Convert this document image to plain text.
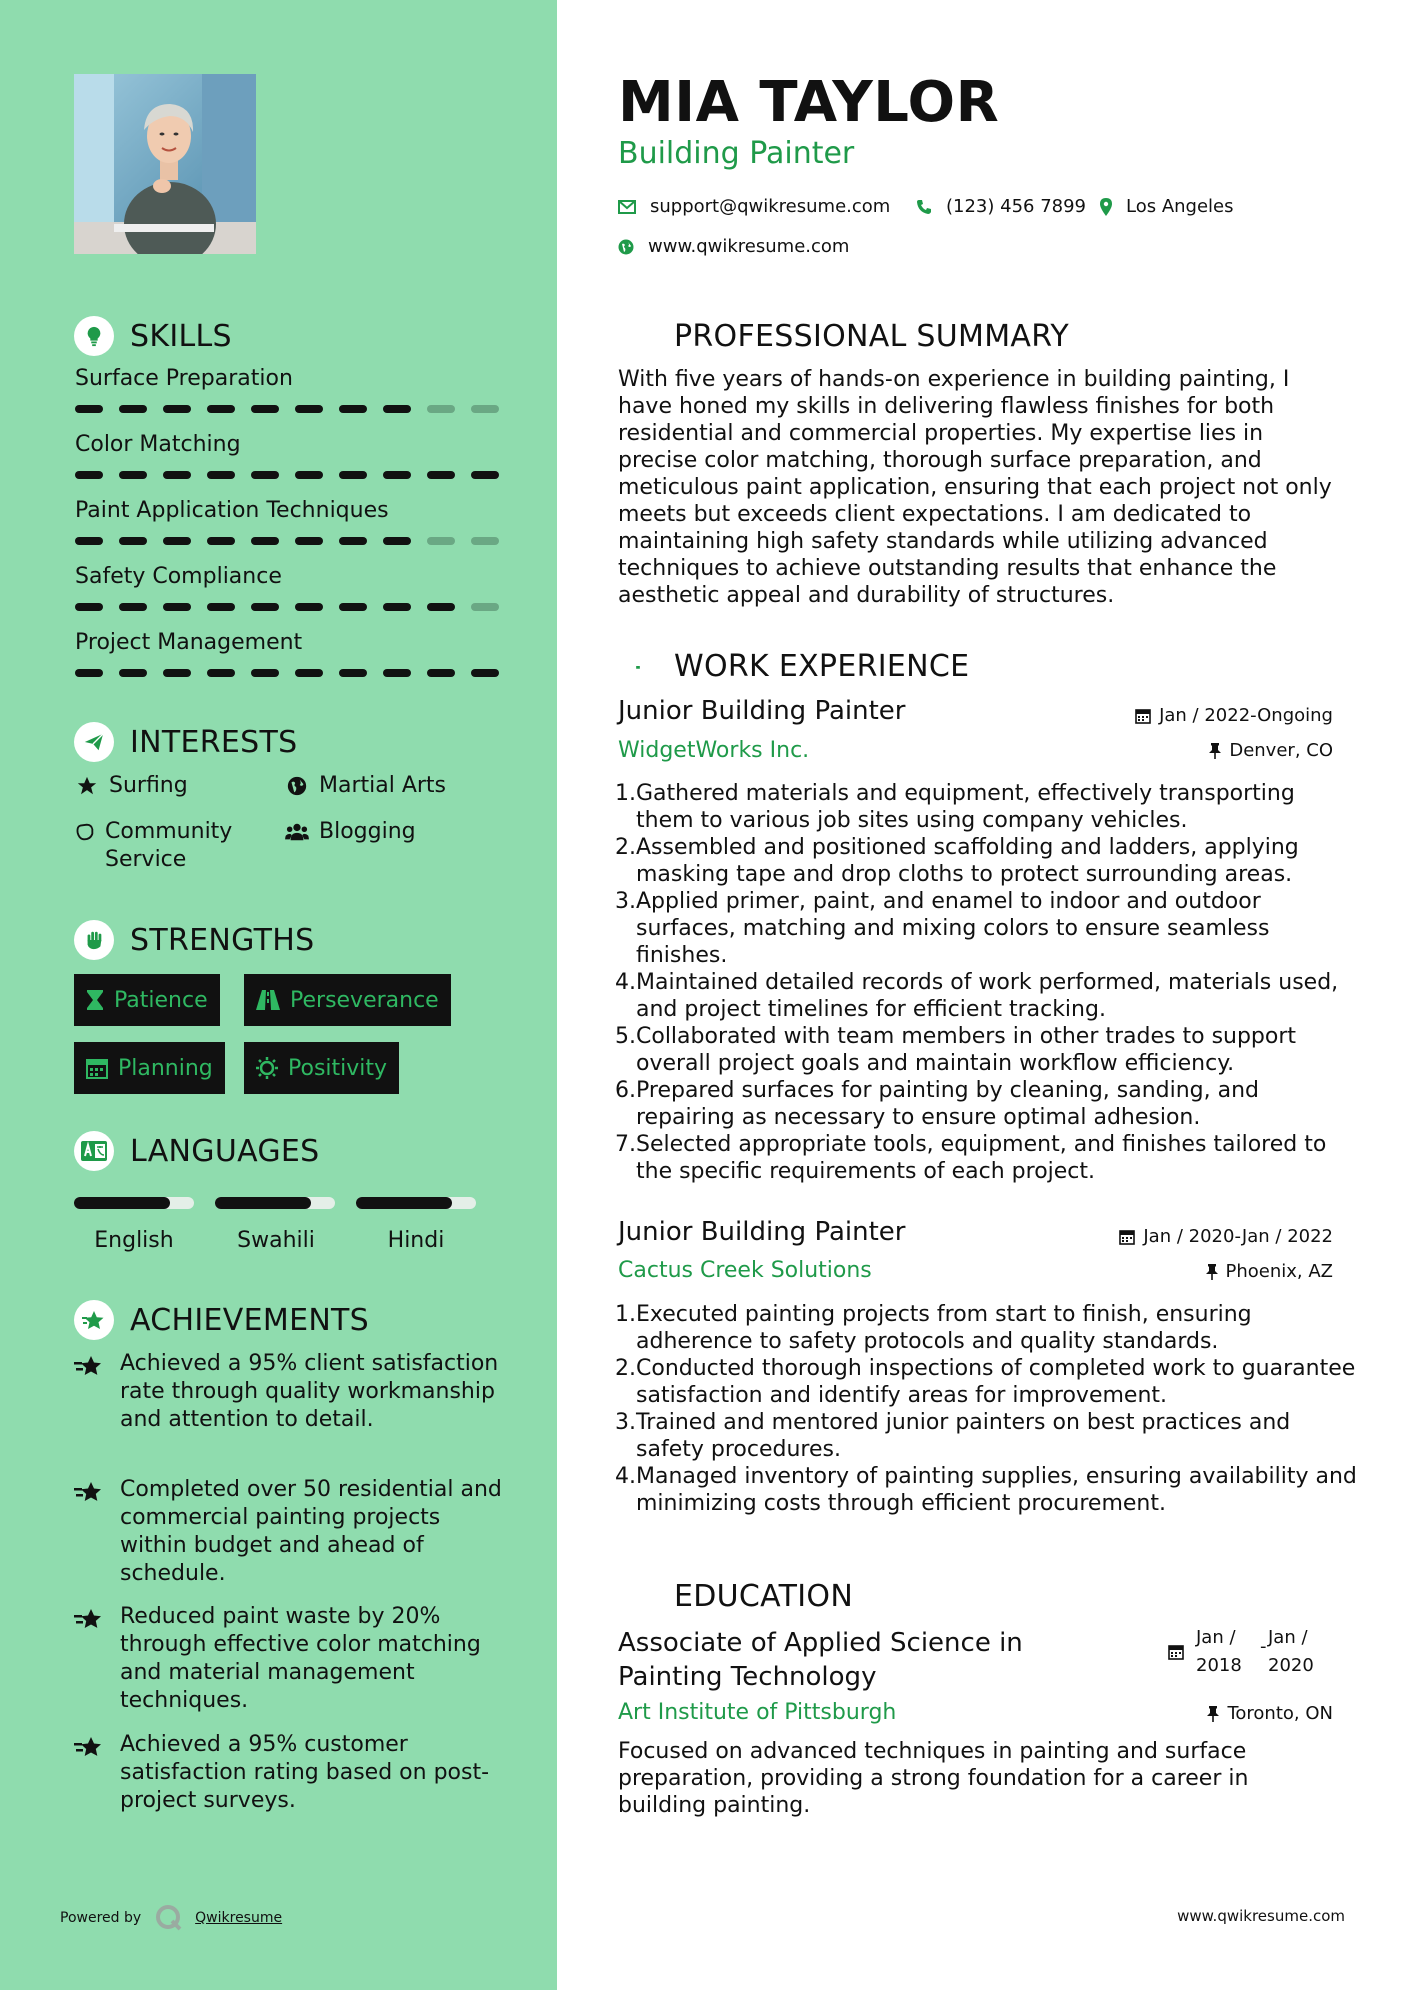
SKILLS
Surface Preparation
Color Matching
Paint Application Techniques
Safety Compliance
Project Management
INTERESTS
Surfing	Martial Arts
Community Service
Blogging
STRENGTHS
Patience	Perseverance
Planning	Positivity
LANGUAGES
English	Swahili	Hindi
ACHIEVEMENTS
Achieved a 95% client satisfaction rate through quality workmanship and attention to detail.
Completed over 50 residential and commercial painting projects within budget and ahead of schedule.
Reduced paint waste by 20% through effective color matching and material management techniques.
Achieved a 95% customer satisfaction rating based on post-project surveys.
Powered by	Qwikresume
MIA TAYLOR
Building Painter
support@qwikresume.com	(123) 456 7899 Los Angeles
www.qwikresume.com
PROFESSIONAL SUMMARY
With five years of hands-on experience in building painting, I have honed my skills in delivering flawless finishes for both residential and commercial properties. My expertise lies in precise color matching, thorough surface preparation, and meticulous paint application, ensuring that each project not only meets but exceeds client expectations. I am dedicated to maintaining high safety standards while utilizing advanced techniques to achieve outstanding results that enhance the aesthetic appeal and durability of structures.
WORK EXPERIENCE
Junior Building Painter	Jan / 2022-Ongoing
WidgetWorks Inc.	Denver, CO
Gathered materials and equipment, effectively transporting them to various job sites using company vehicles.
Assembled and positioned scaffolding and ladders, applying masking tape and drop cloths to protect surrounding areas.
Applied primer, paint, and enamel to indoor and outdoor surfaces, matching and mixing colors to ensure seamless finishes.
Maintained detailed records of work performed, materials used, and project timelines for efficient tracking.
Collaborated with team members in other trades to support overall project goals and maintain workflow efficiency.
Prepared surfaces for painting by cleaning, sanding, and repairing as necessary to ensure optimal adhesion.
Selected appropriate tools, equipment, and finishes tailored to the specific requirements of each project.
Junior Building Painter	Jan / 2020-Jan / 2022
Cactus Creek Solutions	Phoenix, AZ
Executed painting projects from start to finish, ensuring adherence to safety protocols and quality standards.
Conducted thorough inspections of completed work to guarantee satisfaction and identify areas for improvement.
Trained and mentored junior painters on best practices and safety procedures.
Managed inventory of painting supplies, ensuring availability and minimizing costs through efficient procurement.
EDUCATION
Associate of Applied Science in
Painting Technology
Jan /
2018
- Jan /
2020
Art Institute of Pittsburgh	Toronto, ON
Focused on advanced techniques in painting and surface preparation, providing a strong foundation for a career in building painting.
www.qwikresume.com
